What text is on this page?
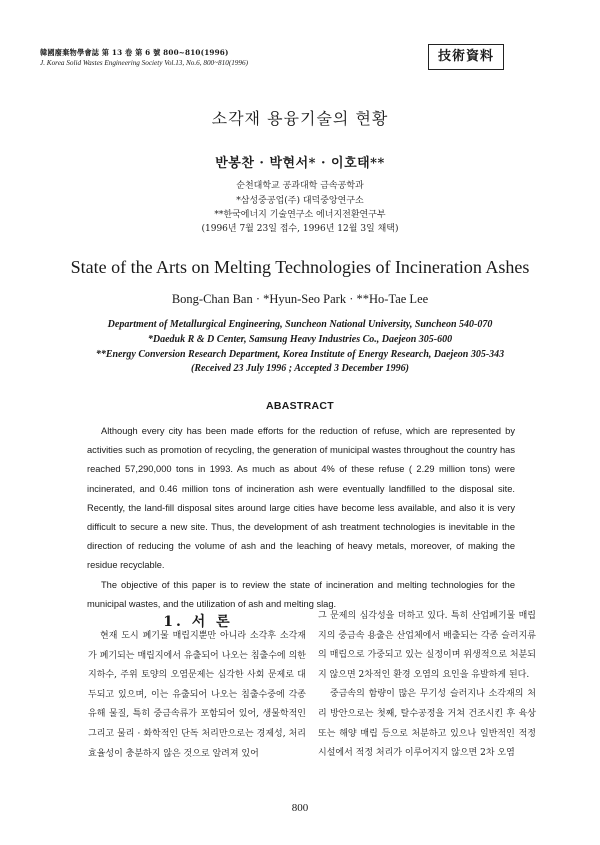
韓國廢棄物學會誌 第 13 卷 第 6 號 800~810(1996)
J. Korea Solid Wastes Engineering Society Vol.13, No.6, 800~810(1996)	技術資料
소각재 용융기술의 현황
반봉찬 · 박현서* · 이호태**
순천대학교 공과대학 금속공학과
*삼성중공업(주) 대덕중앙연구소
**한국에너지 기술연구소 에너지전환연구부
(1996년 7월 23일 접수, 1996년 12월 3일 채택)
State of the Arts on Melting Technologies of Incineration Ashes
Bong-Chan Ban · *Hyun-Seo Park · **Ho-Tae Lee
Department of Metallurgical Engineering, Suncheon National University, Suncheon 540-070
*Daeduk R & D Center, Samsung Heavy Industries Co., Daejeon 305-600
**Energy Conversion Research Department, Korea Institute of Energy Research, Daejeon 305-343
(Received 23 July 1996 ; Accepted 3 December 1996)
ABASTRACT

Although every city has been made efforts for the reduction of refuse, which are represented by activities such as promotion of recycling, the generation of municipal wastes throughout the country has reached 57,290,000 tons in 1993. As much as about 4% of these refuse ( 2.29 million tons) were incinerated, and 0.46 million tons of incineration ash were eventually landfilled to the disposal site. Recently, the land-fill disposal sites around large cities have become less available, and also it is very difficult to secure a new site. Thus, the development of ash treatment technologies is inevitable in the direction of reducing the volume of ash and the leaching of heavy metals, moreover, of making the residue recyclable.

The objective of this paper is to review the state of incineration and melting technologies for the municipal wastes, and the utilization of ash and melting slag.

1. 서 론

현재 도시 폐기물 매립지뿐만 아니라 소각후 소각재가 폐기되는 매립지에서 유출되어 나오는 침출수에 의한 지하수, 주위 토양의 오염문제는 심각한 사회 문제로 대두되고 있으며, 이는 유출되어 나오는 침출수중에 각종 유해 물질, 특히 중금속류가 포함되어 있어, 생물학적인 그리고 물리 · 화학적인 단독 처리만으로는 경제성, 처리 효율성이 충분하지 않은 것으로 알려져 있어

그 문제의 심각성을 더하고 있다. 특히 산업폐기물 매립지의 중금속 용출은 산업체에서 배출되는 각종 슬러지류의 매립으로 가중되고 있는 실정이며 위생적으로 처분되지 않으면 2차적인 환경 오염의 요인을 유발하게 된다.

중금속의 함량이 많은 무기성 슬러지나 소각재의 처리 방안으로는 첫째, 탈수공정을 거쳐 건조시킨 후 육상 또는 해양 매립 등으로 처분하고 있으나 일반적인 적정시설에서 적정 처리가 이루어지지 않으면 2차 오염

800
